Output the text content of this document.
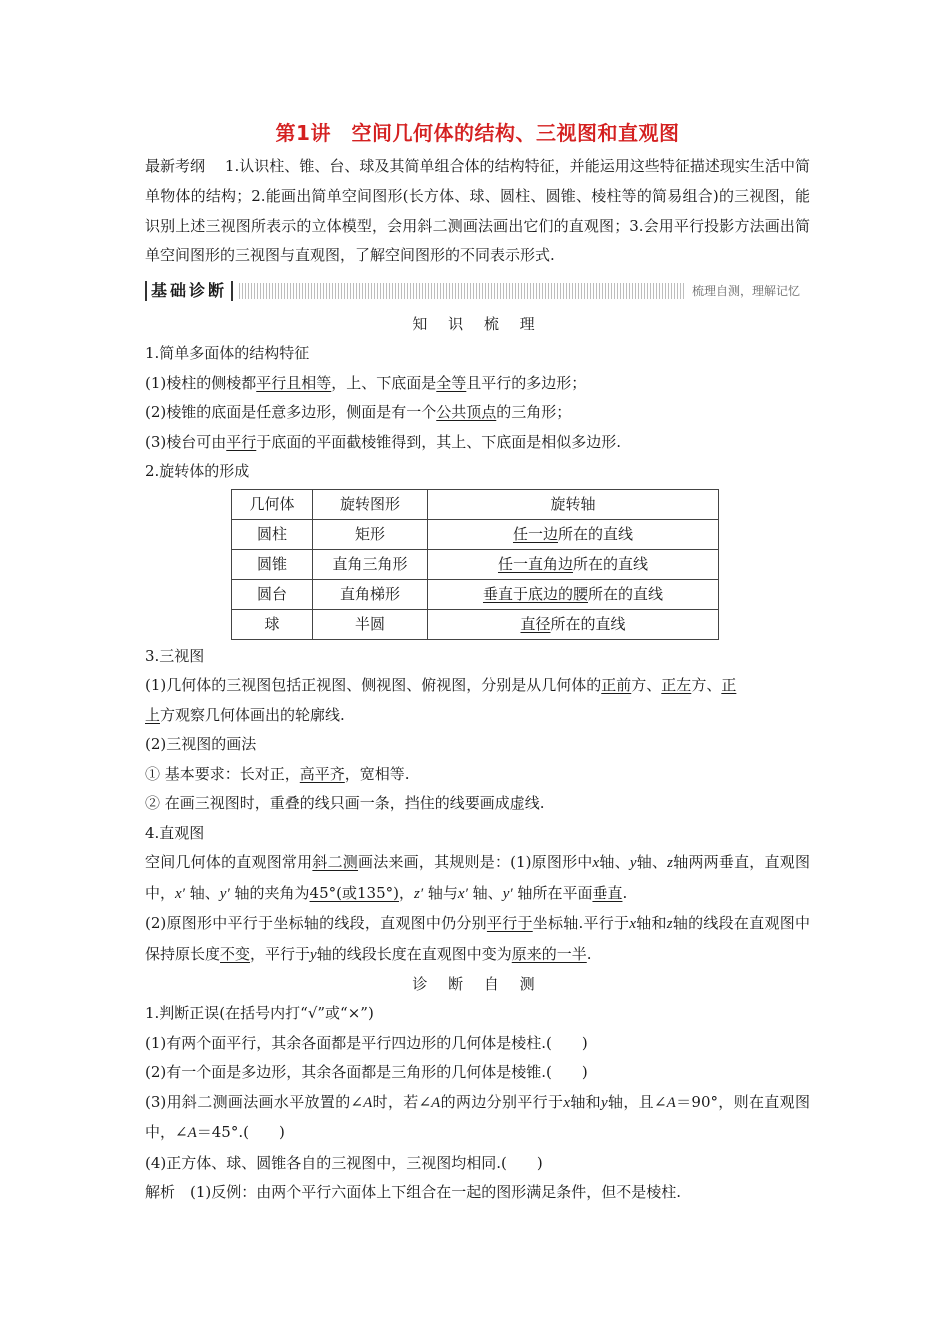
第1讲　空间几何体的结构、三视图和直观图
最新考纲　 1.认识柱、锥、台、球及其简单组合体的结构特征，并能运用这些特征描述现实生活中简单物体的结构；2.能画出简单空间图形(长方体、球、圆柱、圆锥、棱柱等的简易组合)的三视图，能识别上述三视图所表示的立体模型，会用斜二测画法画出它们的直观图；3.会用平行投影方法画出简单空间图形的三视图与直观图，了解空间图形的不同表示形式.
基础诊断	梳理自测，理解记忆
知 识 梳 理

1.简单多面体的结构特征

(1)棱柱的侧棱都平行且相等，上、下底面是全等且平行的多边形；

(2)棱锥的底面是任意多边形，侧面是有一个公共顶点的三角形；

(3)棱台可由平行于底面的平面截棱锥得到，其上、下底面是相似多边形.

2.旋转体的形成

几何体	旋转图形	旋转轴
圆柱	矩形	任一边所在的直线
圆锥	直角三角形	任一直角边所在的直线
圆台	直角梯形	垂直于底边的腰所在的直线
球	半圆	直径所在的直线

3.三视图

(1)几何体的三视图包括正视图、侧视图、俯视图，分别是从几何体的正前方、正左方、正

上方观察几何体画出的轮廓线.

(2)三视图的画法

① 基本要求：长对正，高平齐，宽相等.

② 在画三视图时，重叠的线只画一条，挡住的线要画成虚线.

4.直观图

空间几何体的直观图常用斜二测画法来画，其规则是：(1)原图形中x轴、y轴、z轴两两垂直，直观图中，x′ 轴、y′ 轴的夹角为45°(或135°)，z′ 轴与x′ 轴、y′ 轴所在平面垂直.

(2)原图形中平行于坐标轴的线段，直观图中仍分别平行于坐标轴.平行于x轴和z轴的线段在直观图中保持原长度不变，平行于y轴的线段长度在直观图中变为原来的一半.

诊 断 自 测

1.判断正误(在括号内打“√”或“×”)

(1)有两个面平行，其余各面都是平行四边形的几何体是棱柱.(　　)

(2)有一个面是多边形，其余各面都是三角形的几何体是棱锥.(　　)

(3)用斜二测画法画水平放置的∠A时，若∠A的两边分别平行于x轴和y轴，且∠A＝90°，则在直观图中，∠A＝45°.(　　)

(4)正方体、球、圆锥各自的三视图中，三视图均相同.(　　)

解析　 (1)反例：由两个平行六面体上下组合在一起的图形满足条件，但不是棱柱.
